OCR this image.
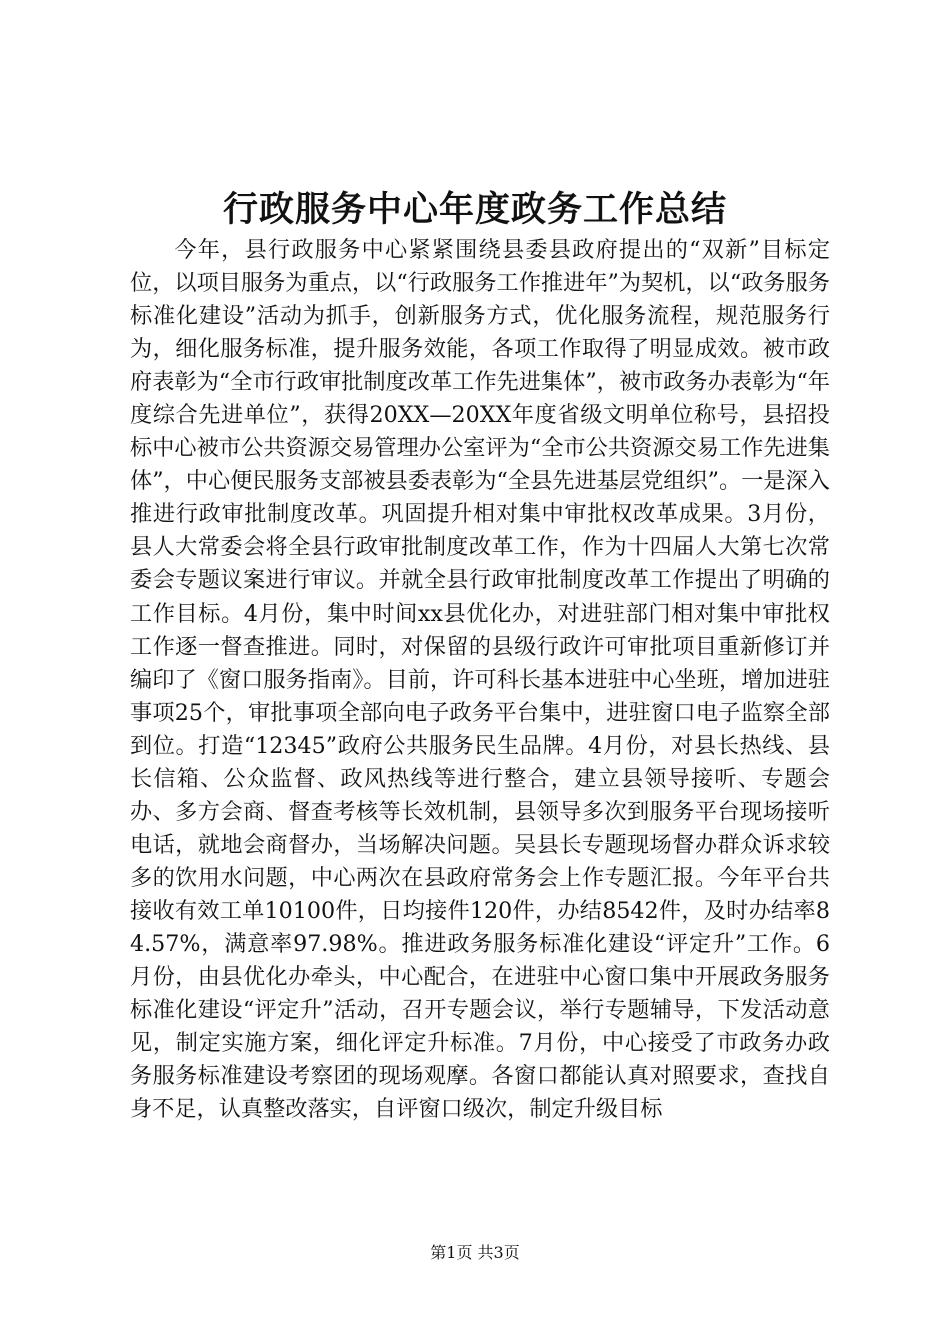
行政服务中心年度政务工作总结

今年，县行政服务中心紧紧围绕县委县政府提出的“双新”目标定位，以项目服务为重点，以“行政服务工作推进年”为契机，以“政务服务标准化建设”活动为抓手，创新服务方式，优化服务流程，规范服务行为，细化服务标准，提升服务效能，各项工作取得了明显成效。被市政府表彰为“全市行政审批制度改革工作先进集体”，被市政务办表彰为“年度综合先进单位”，获得20XX—20XX年度省级文明单位称号，县招投标中心被市公共资源交易管理办公室评为“全市公共资源交易工作先进集体”，中心便民服务支部被县委表彰为“全县先进基层党组织”。一是深入推进行政审批制度改革。巩固提升相对集中审批权改革成果。3月份，县人大常委会将全县行政审批制度改革工作，作为十四届人大第七次常委会专题议案进行审议。并就全县行政审批制度改革工作提出了明确的工作目标。4月份，集中时间xx县优化办，对进驻部门相对集中审批权工作逐一督查推进。同时，对保留的县级行政许可审批项目重新修订并编印了《窗口服务指南》。目前，许可科长基本进驻中心坐班，增加进驻事项25个，审批事项全部向电子政务平台集中，进驻窗口电子监察全部到位。打造“12345”政府公共服务民生品牌。4月份，对县长热线、县长信箱、公众监督、政风热线等进行整合，建立县领导接听、专题会办、多方会商、督查考核等长效机制，县领导多次到服务平台现场接听电话，就地会商督办，当场解决问题。吴县长专题现场督办群众诉求较多的饮用水问题，中心两次在县政府常务会上作专题汇报。今年平台共接收有效工单10100件，日均接件120件，办结8542件，及时办结率84.57%，满意率97.98%。推进政务服务标准化建设“评定升”工作。6月份，由县优化办牵头，中心配合，在进驻中心窗口集中开展政务服务标准化建设“评定升”活动，召开专题会议，举行专题辅导，下发活动意见，制定实施方案，细化评定升标准。7月份，中心接受了市政务办政务服务标准建设考察团的现场观摩。各窗口都能认真对照要求，查找自身不足，认真整改落实，自评窗口级次，制定升级目标

第1页 共3页
